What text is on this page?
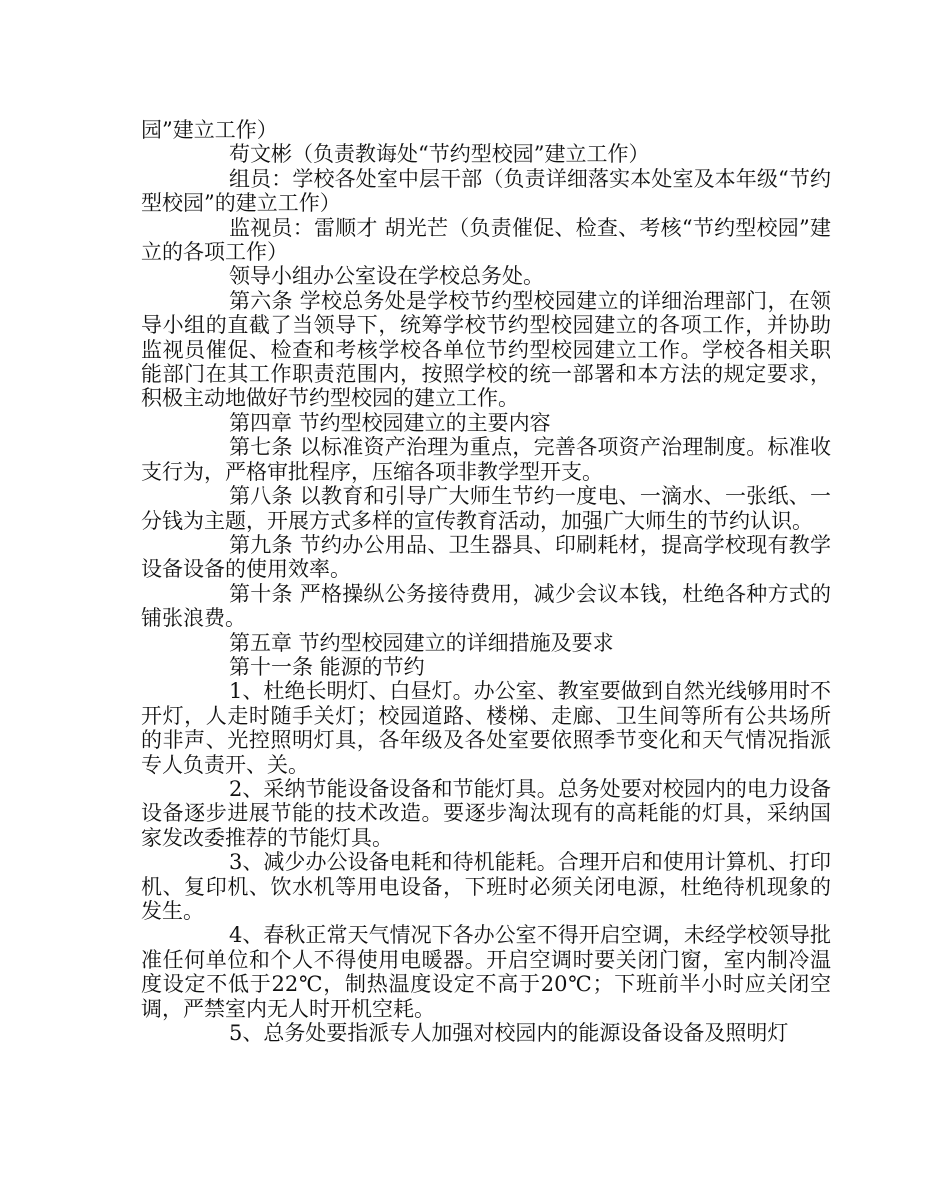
园”建立工作）

苟文彬（负责教诲处“节约型校园”建立工作）

组员：学校各处室中层干部（负责详细落实本处室及本年级“节约型校园”的建立工作）

监视员：雷顺才 胡光芒（负责催促、检查、考核“节约型校园”建立的各项工作）

领导小组办公室设在学校总务处。

第六条 学校总务处是学校节约型校园建立的详细治理部门，在领导小组的直截了当领导下，统筹学校节约型校园建立的各项工作，并协助监视员催促、检查和考核学校各单位节约型校园建立工作。学校各相关职能部门在其工作职责范围内，按照学校的统一部署和本方法的规定要求，积极主动地做好节约型校园的建立工作。

第四章 节约型校园建立的主要内容

第七条 以标准资产治理为重点，完善各项资产治理制度。标准收支行为，严格审批程序，压缩各项非教学型开支。

第八条 以教育和引导广大师生节约一度电、一滴水、一张纸、一分钱为主题，开展方式多样的宣传教育活动，加强广大师生的节约认识。

第九条 节约办公用品、卫生器具、印刷耗材，提高学校现有教学设备设备的使用效率。

第十条 严格操纵公务接待费用，减少会议本钱，杜绝各种方式的铺张浪费。

第五章 节约型校园建立的详细措施及要求

第十一条 能源的节约

1、杜绝长明灯、白昼灯。办公室、教室要做到自然光线够用时不开灯，人走时随手关灯；校园道路、楼梯、走廊、卫生间等所有公共场所的非声、光控照明灯具，各年级及各处室要依照季节变化和天气情况指派专人负责开、关。

2、采纳节能设备设备和节能灯具。总务处要对校园内的电力设备设备逐步进展节能的技术改造。要逐步淘汰现有的高耗能的灯具，采纳国家发改委推荐的节能灯具。

3、减少办公设备电耗和待机能耗。合理开启和使用计算机、打印机、复印机、饮水机等用电设备，下班时必须关闭电源，杜绝待机现象的发生。

4、春秋正常天气情况下各办公室不得开启空调，未经学校领导批准任何单位和个人不得使用电暖器。开启空调时要关闭门窗，室内制冷温度设定不低于22℃，制热温度设定不高于20℃；下班前半小时应关闭空调，严禁室内无人时开机空耗。

5、总务处要指派专人加强对校园内的能源设备设备及照明灯
